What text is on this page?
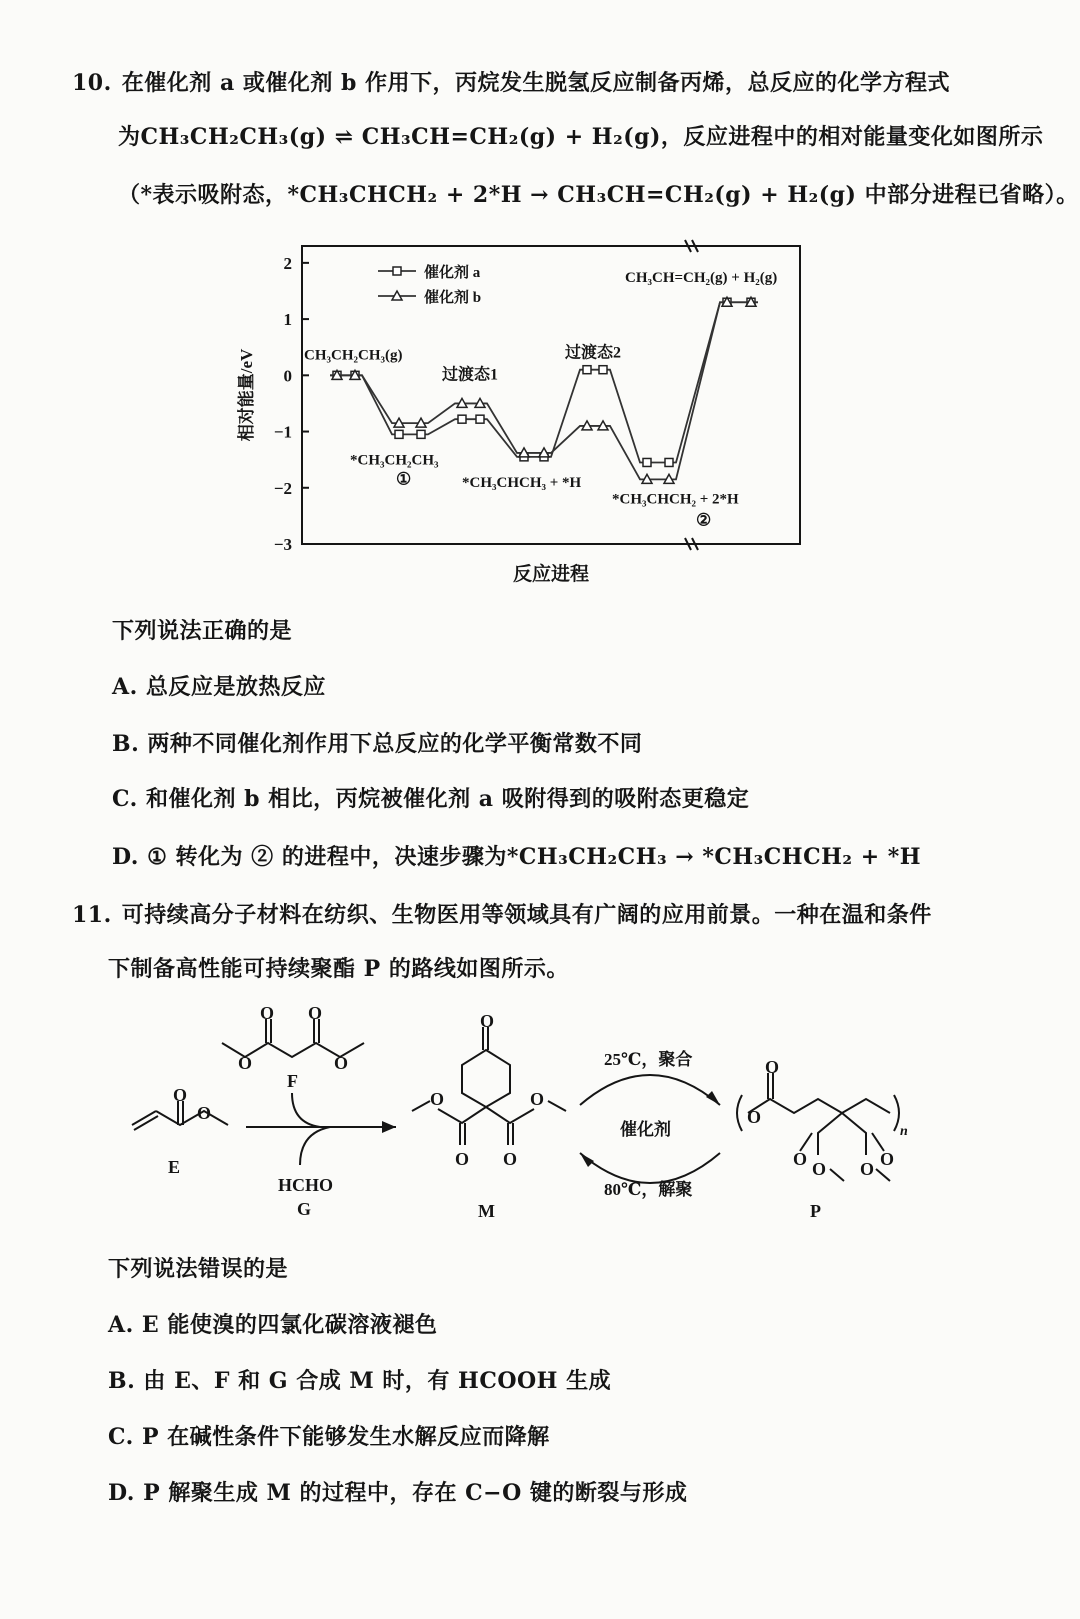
10. 在催化剂 a 或催化剂 b 作用下，丙烷发生脱氢反应制备丙烯，总反应的化学方程式
为CH₃CH₂CH₃(g) ⇌ CH₃CH=CH₂(g) + H₂(g)，反应进程中的相对能量变化如图所示
（*表示吸附态，*CH₃CHCH₂ + 2*H → CH₃CH=CH₂(g) + H₂(g) 中部分进程已省略）。
2
1
0
−1
−2
−3
相对能量/eV
反应进程
催化剂 a
催化剂 b
CH₃CH₂CH₃(g)
*CH₃CH₂CH₃
①
过渡态1
*CH₃CHCH₃ + *H
过渡态2
*CH₃CHCH₂ + 2*H
②
CH₃CH=CH₂(g) + H₂(g)
下列说法正确的是
A. 总反应是放热反应
B. 两种不同催化剂作用下总反应的化学平衡常数不同
C. 和催化剂 b 相比，丙烷被催化剂 a 吸附得到的吸附态更稳定
D. ① 转化为 ② 的进程中，决速步骤为*CH₃CH₂CH₃ → *CH₃CHCH₂ + *H
11. 可持续高分子材料在纺织、生物医用等领域具有广阔的应用前景。一种在温和条件
下制备高性能可持续聚酯 P 的路线如图所示。
O O
O	O
F
O
O
E
HCHO
G
O
O O
O	O
M
25℃，聚合
催化剂
80℃，解聚
O
O
n
O	O
O O
P
下列说法错误的是
A. E 能使溴的四氯化碳溶液褪色
B. 由 E、F 和 G 合成 M 时，有 HCOOH 生成
C. P 在碱性条件下能够发生水解反应而降解
D. P 解聚生成 M 的过程中，存在 C−O 键的断裂与形成
